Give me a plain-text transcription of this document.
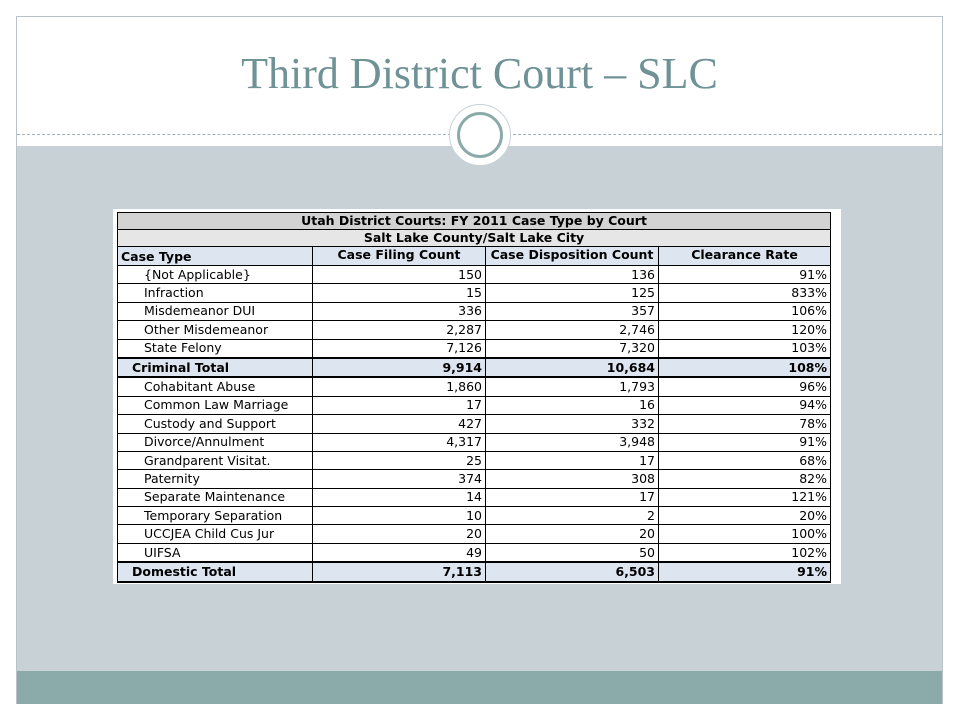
Third District Court – SLC
Utah District Courts: FY 2011 Case Type by Court			
Salt Lake County/Salt Lake City			
Case Type	Case Filing Count	Case Disposition Count	Clearance Rate
{Not Applicable}	150	136	91%
Infraction	15	125	833%
Misdemeanor DUI	336	357	106%
Other Misdemeanor	2,287	2,746	120%
State Felony	7,126	7,320	103%
Criminal Total	9,914	10,684	108%
Cohabitant Abuse	1,860	1,793	96%
Common Law Marriage	17	16	94%
Custody and Support	427	332	78%
Divorce/Annulment	4,317	3,948	91%
Grandparent Visitat.	25	17	68%
Paternity	374	308	82%
Separate Maintenance	14	17	121%
Temporary Separation	10	2	20%
UCCJEA Child Cus Jur	20	20	100%
UIFSA	49	50	102%
Domestic Total	7,113	6,503	91%
